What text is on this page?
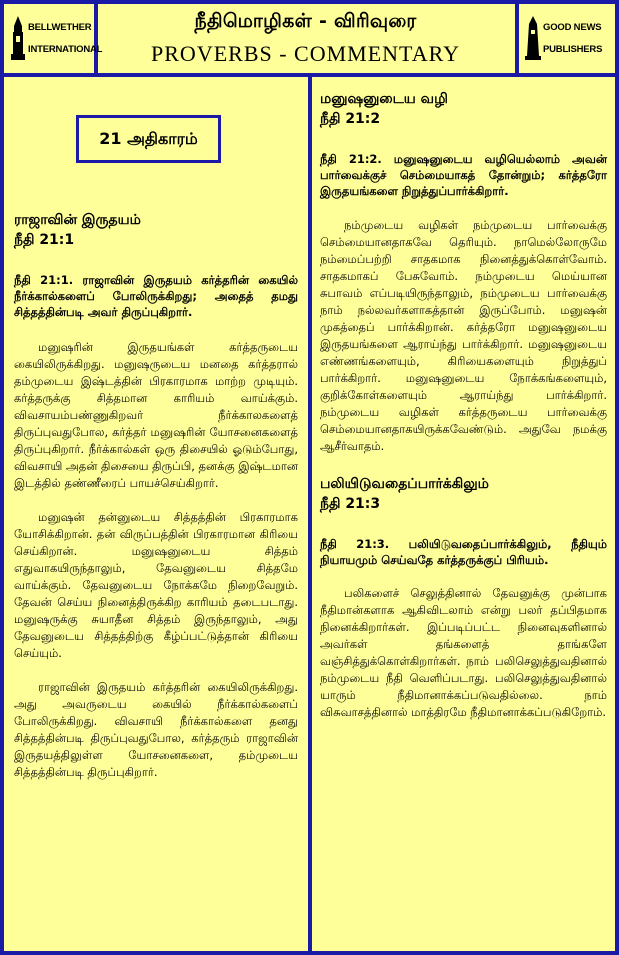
BELLWETHER
INTERNATIONAL
நீதிமொழிகள் - விரிவுரை
PROVERBS - COMMENTARY
GOOD NEWS
PUBLISHERS
21 அதிகாரம்
ராஜாவின் இருதயம்
நீதி 21:1
நீதி 21:1. ராஜாவின் இருதயம் கர்த்தரின் கையில் நீர்க்கால்களைப் போலிருக்கிறது; அதைத் தமது சித்தத்தின்படி அவர் திருப்புகிறார்.
மனுஷரின் இருதயங்கள் கர்த்தருடைய கையிலிருக்கிறது. மனுஷருடைய மனதை கர்த்தரால் தம்முடைய இஷ்டத்தின் பிரகாரமாக மாற்ற முடியும். கர்த்தருக்கு சித்தமான காரியம் வாய்க்கும். விவசாயம்பண்ணுகிறவர் நீர்க்காலகளைத் திருப்புவதுபோல, கர்த்தர் மனுஷரின் யோசனைகளைத் திருப்புகிறார். நீர்க்கால்கள் ஒரு திசையில் ஓடும்போது, விவசாயி அதன் திசையை திருப்பி, தனக்கு இஷ்டமான இடத்தில் தண்ணீரைப் பாயச்செய்கிறார்.
மனுஷன் தன்னுடைய சித்தத்தின் பிரகாரமாக யோசிக்கிறான். தன் விருப்பத்தின் பிரகாரமான கிரியை செய்கிறான். மனுஷனுடைய சித்தம் எதுவாகயிருந்தாலும், தேவனுடைய சித்தமே வாய்க்கும். தேவனுடைய நோக்கமே நிறைவேறும். தேவன் செய்ய நினைத்திருக்கிற காரியம் தடைபடாது. மனுஷருக்கு சுயாதீன சித்தம் இருந்தாலும், அது தேவனுடைய சித்தத்திற்கு கீழ்ப்பட்டுத்தான் கிரியை செய்யும்.
ராஜாவின் இருதயம் கர்த்தரின் கையிலிருக்கிறது. அது அவருடைய கையில் நீர்க்கால்களைப் போலிருக்கிறது. விவசாயி நீர்க்கால்களை தனது சித்தத்தின்படி திருப்புவதுபோல, கர்த்தரும் ராஜாவின் இருதயத்திலுள்ள யோசனைகளை, தம்முடைய சித்தத்தின்படி திருப்புகிறார்.
மனுஷனுடைய வழி
நீதி 21:2
நீதி 21:2. மனுஷனுடைய வழியெல்லாம் அவன் பார்வைக்குச் செம்மையாகத் தோன்றும்; கர்த்தரோ இருதயங்களை நிறுத்துப்பார்க்கிறார்.
நம்முடைய வழிகள் நம்முடைய பார்வைக்கு செம்மையானதாகவே தெரியும். நாமெல்லோருமே நம்மைப்பற்றி சாதகமாக நினைத்துக்கொள்வோம். சாதகமாகப் பேசுவோம். நம்முடைய மெய்யான சுபாவம் எப்படியிருந்தாலும், நம்முடைய பார்வைக்கு நாம் நல்லவர்களாகத்தான் இருப்போம். மனுஷன் முகத்தைப் பார்க்கிறான். கர்த்தரோ மனுஷனுடைய இருதயங்களை ஆராய்ந்து பார்க்கிறார். மனுஷனுடைய எண்ணங்களையும், கிரியைகளையும் நிறுத்துப் பார்க்கிறார். மனுஷனுடைய நோக்கங்களையும், குறிக்கோள்களையும் ஆராய்ந்து பார்க்கிறார். நம்முடைய வழிகள் கர்த்தருடைய பார்வைக்கு செம்மையானதாகயிருக்கவேண்டும். அதுவே நமக்கு ஆசீர்வாதம்.
பலியிடுவதைப்பார்க்கிலும்
நீதி 21:3
நீதி 21:3. பலியிடுவதைப்பார்க்கிலும், நீதியும் நியாயமும் செய்வதே கர்த்தருக்குப் பிரியம்.
பலிகளைச் செலுத்தினால் தேவனுக்கு முன்பாக நீதிமான்களாக ஆகிவிடலாம் என்று பலர் தப்பிதமாக நினைக்கிறார்கள். இப்படிப்பட்ட நினைவுகளினால் அவர்கள் தங்களைத் தாங்களே வஞ்சித்துக்கொள்கிறார்கள். நாம் பலிசெலுத்துவதினால் நம்முடைய நீதி வெளிப்படாது. பலிசெலுத்துவதினால் யாரும் நீதிமானாக்கப்படுவதில்லை. நாம் விசுவாசத்தினால் மாத்திரமே நீதிமானாக்கப்படுகிறோம்.
